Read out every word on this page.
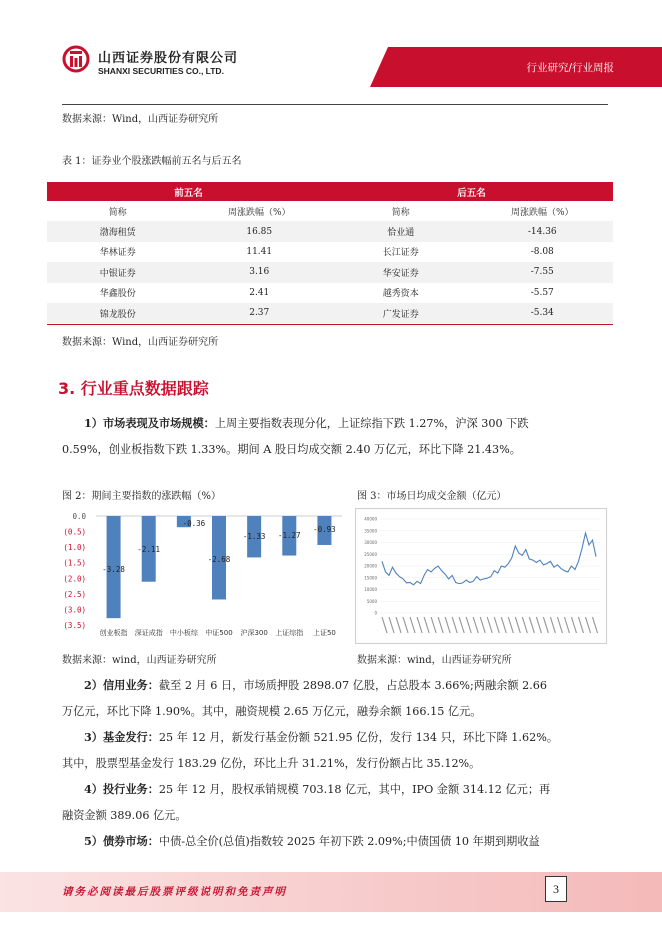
山西证券股份有限公司
SHANXI SECURITIES CO., LTD.	行业研究/行业周报
数据来源：Wind，山西证券研究所
表 1：证券业个股涨跌幅前五名与后五名
前五名		后五名	
简称	周涨跌幅（%）	简称	周涨跌幅（%）
渤海租赁	16.85	恰业通	-14.36
华林证券	11.41	长江证券	-8.08
中银证券	3.16	华安证券	-7.55
华鑫股份	2.41	越秀资本	-5.57
锦龙股份	2.37	广发证券	-5.34
数据来源：Wind，山西证券研究所
3. 行业重点数据跟踪
1）市场表现及市场规模：上周主要指数表现分化，上证综指下跌 1.27%，沪深 300 下跌
0.59%，创业板指数下跌 1.33%。期间 A 股日均成交额 2.40 万亿元，环比下降 21.43%。
图 2：期间主要指数的涨跌幅（%）	图 3：市场日均成交金额（亿元）
0.0
(0.5)
(1.0)
(1.5)
(2.0)
(2.5)
(3.0)
(3.5)
-3.28
创业板指
-2.11
深证成指
-0.36
中小板综
-2.68
中证500
-1.33
沪深300
-1.27
上证综指
-0.93
上证50
0
5000
10000
15000
20000
25000
30000
35000
40000
数据来源：wind，山西证券研究所	数据来源：wind，山西证券研究所
2）信用业务：截至 2 月 6 日，市场质押股 2898.07 亿股，占总股本 3.66%;两融余额 2.66
万亿元，环比下降 1.90%。其中，融资规模 2.65 万亿元，融券余额 166.15 亿元。
3）基金发行：25 年 12 月，新发行基金份额 521.95 亿份，发行 134 只，环比下降 1.62%。
其中，股票型基金发行 183.29 亿份，环比上升 31.21%，发行份额占比 35.12%。
4）投行业务：25 年 12 月，股权承销规模 703.18 亿元，其中，IPO 金额 314.12 亿元；再
融资金额 389.06 亿元。
5）债券市场：中债-总全价(总值)指数较 2025 年初下跌 2.09%;中债国债 10 年期到期收益
请务必阅读最后股票评级说明和免责声明	3
